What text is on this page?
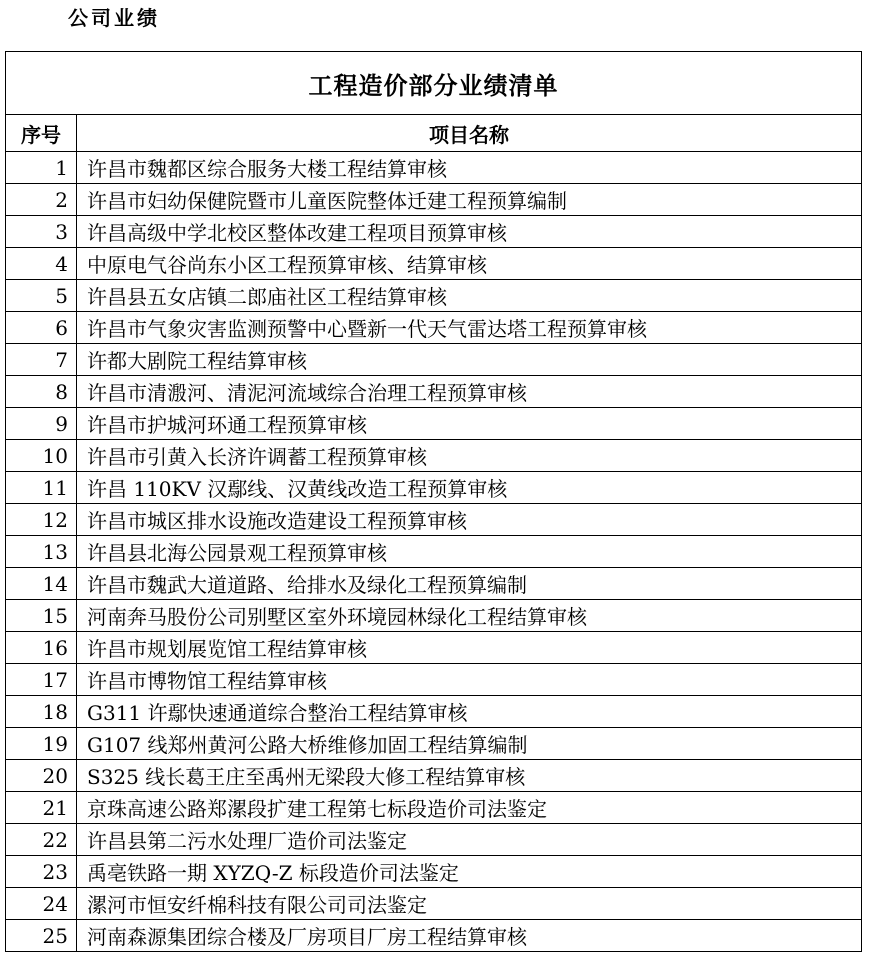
公司业绩
工程造价部分业绩清单	
序号	项目名称
1	许昌市魏都区综合服务大楼工程结算审核
2	许昌市妇幼保健院暨市儿童医院整体迁建工程预算编制
3	许昌高级中学北校区整体改建工程项目预算审核
4	中原电气谷尚东小区工程预算审核、结算审核
5	许昌县五女店镇二郎庙社区工程结算审核
6	许昌市气象灾害监测预警中心暨新一代天气雷达塔工程预算审核
7	许都大剧院工程结算审核
8	许昌市清溵河、清泥河流域综合治理工程预算审核
9	许昌市护城河环通工程预算审核
10	许昌市引黄入长济许调蓄工程预算审核
11	许昌 110KV 汉鄢线、汉黄线改造工程预算审核
12	许昌市城区排水设施改造建设工程预算审核
13	许昌县北海公园景观工程预算审核
14	许昌市魏武大道道路、给排水及绿化工程预算编制
15	河南奔马股份公司别墅区室外环境园林绿化工程结算审核
16	许昌市规划展览馆工程结算审核
17	许昌市博物馆工程结算审核
18	G311 许鄢快速通道综合整治工程结算审核
19	G107 线郑州黄河公路大桥维修加固工程结算编制
20	S325 线长葛王庄至禹州无梁段大修工程结算审核
21	京珠高速公路郑漯段扩建工程第七标段造价司法鉴定
22	许昌县第二污水处理厂造价司法鉴定
23	禹亳铁路一期 XYZQ-Z 标段造价司法鉴定
24	漯河市恒安纤棉科技有限公司司法鉴定
25	河南森源集团综合楼及厂房项目厂房工程结算审核
